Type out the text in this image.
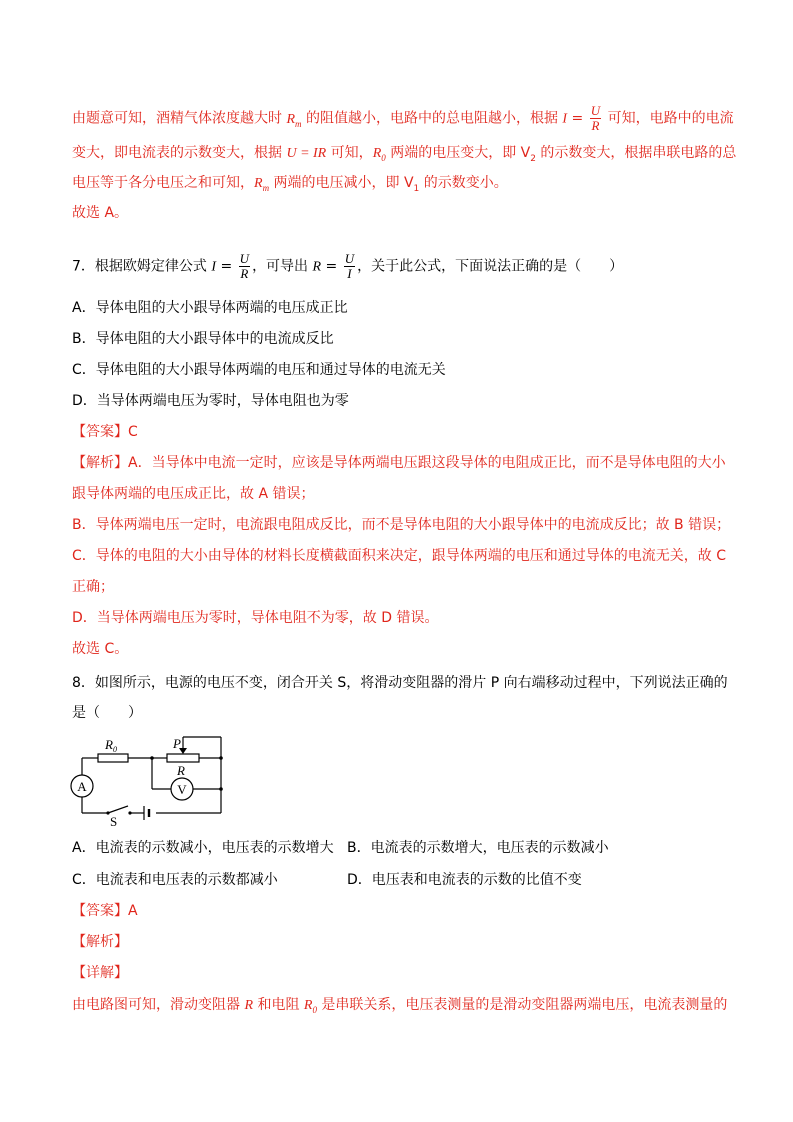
由题意可知，酒精气体浓度越大时 $R_m$ 的阻值越小，电路中的总电阻越小，根据 $I = \frac{U}{R}$ 可知，电路中的电流
变大，即电流表的示数变大，根据 U = IR 可知，$R_0$ 两端的电压变大，即 $V_2$ 的示数变大，根据串联电路的总
电压等于各分电压之和可知，$R_m$ 两端的电压减小，即 $V_1$ 的示数变小。
故选 A。
7．根据欧姆定律公式 $I = \frac{U}{R}$ ，可导出 $R = \frac{U}{I}$ ，关于此公式，下面说法正确的是（　　）
A．导体电阻的大小跟导体两端的电压成正比
B．导体电阻的大小跟导体中的电流成反比
C．导体电阻的大小跟导体两端的电压和通过导体的电流无关
D．当导体两端电压为零时，导体电阻也为零
【答案】C
【解析】A．当导体中电流一定时，应该是导体两端电压跟这段导体的电阻成正比，而不是导体电阻的大小
跟导体两端的电压成正比，故 A 错误；
B．导体两端电压一定时，电流跟电阻成反比，而不是导体电阻的大小跟导体中的电流成反比；故 B 错误；
C．导体的电阻的大小由导体的材料长度横截面积来决定，跟导体两端的电压和通过导体的电流无关，故 C
正确；
D．当导体两端电压为零时，导体电阻不为零，故 D 错误。
故选 C。
8．如图所示，电源的电压不变，闭合开关 S，将滑动变阻器的滑片 P 向右端移动过程中，下列说法正确的
是（　　）
$R_0$	P
R
A	V
S
A．电流表的示数减小，电压表的示数增大 B．电流表的示数增大，电压表的示数减小
C．电流表和电压表的示数都减小	D．电压表和电流表的示数的比值不变
【答案】A
【解析】
【详解】
由电路图可知，滑动变阻器 R 和电阻 $R_0$ 是串联关系，电压表测量的是滑动变阻器两端电压，电流表测量的
